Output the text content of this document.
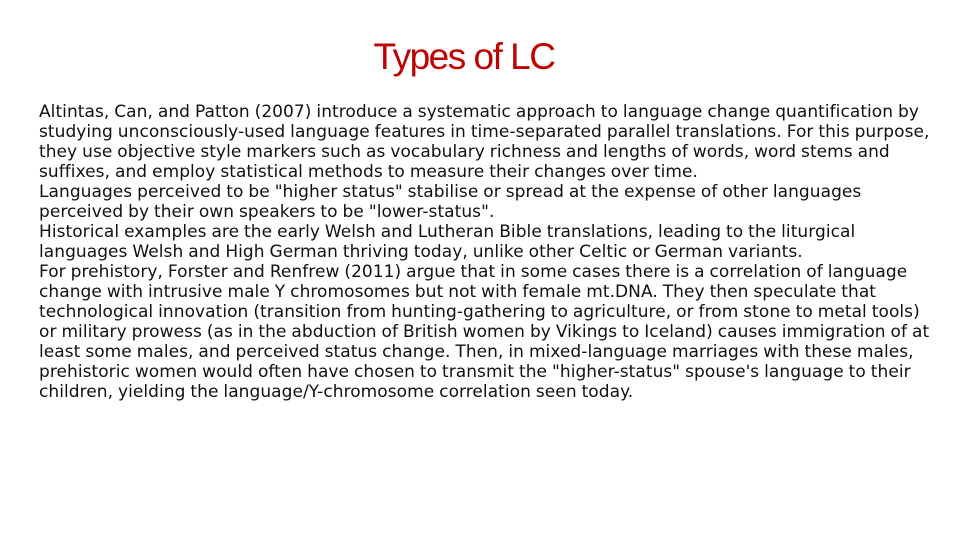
Types of LC

Altintas, Can, and Patton (2007) introduce a systematic approach to language change quantification by studying unconsciously-used language features in time-separated parallel translations. For this purpose, they use objective style markers such as vocabulary richness and lengths of words, word stems and suffixes, and employ statistical methods to measure their changes over time.

Languages perceived to be "higher status" stabilise or spread at the expense of other languages perceived by their own speakers to be "lower-status".

Historical examples are the early Welsh and Lutheran Bible translations, leading to the liturgical languages Welsh and High German thriving today, unlike other Celtic or German variants.

For prehistory, Forster and Renfrew (2011) argue that in some cases there is a correlation of language change with intrusive male Y chromosomes but not with female mt.DNA. They then speculate that technological innovation (transition from hunting-gathering to agriculture, or from stone to metal tools) or military prowess (as in the abduction of British women by Vikings to Iceland) causes immigration of at least some males, and perceived status change. Then, in mixed-language marriages with these males, prehistoric women would often have chosen to transmit the "higher-status" spouse's language to their children, yielding the language/Y-chromosome correlation seen today.
